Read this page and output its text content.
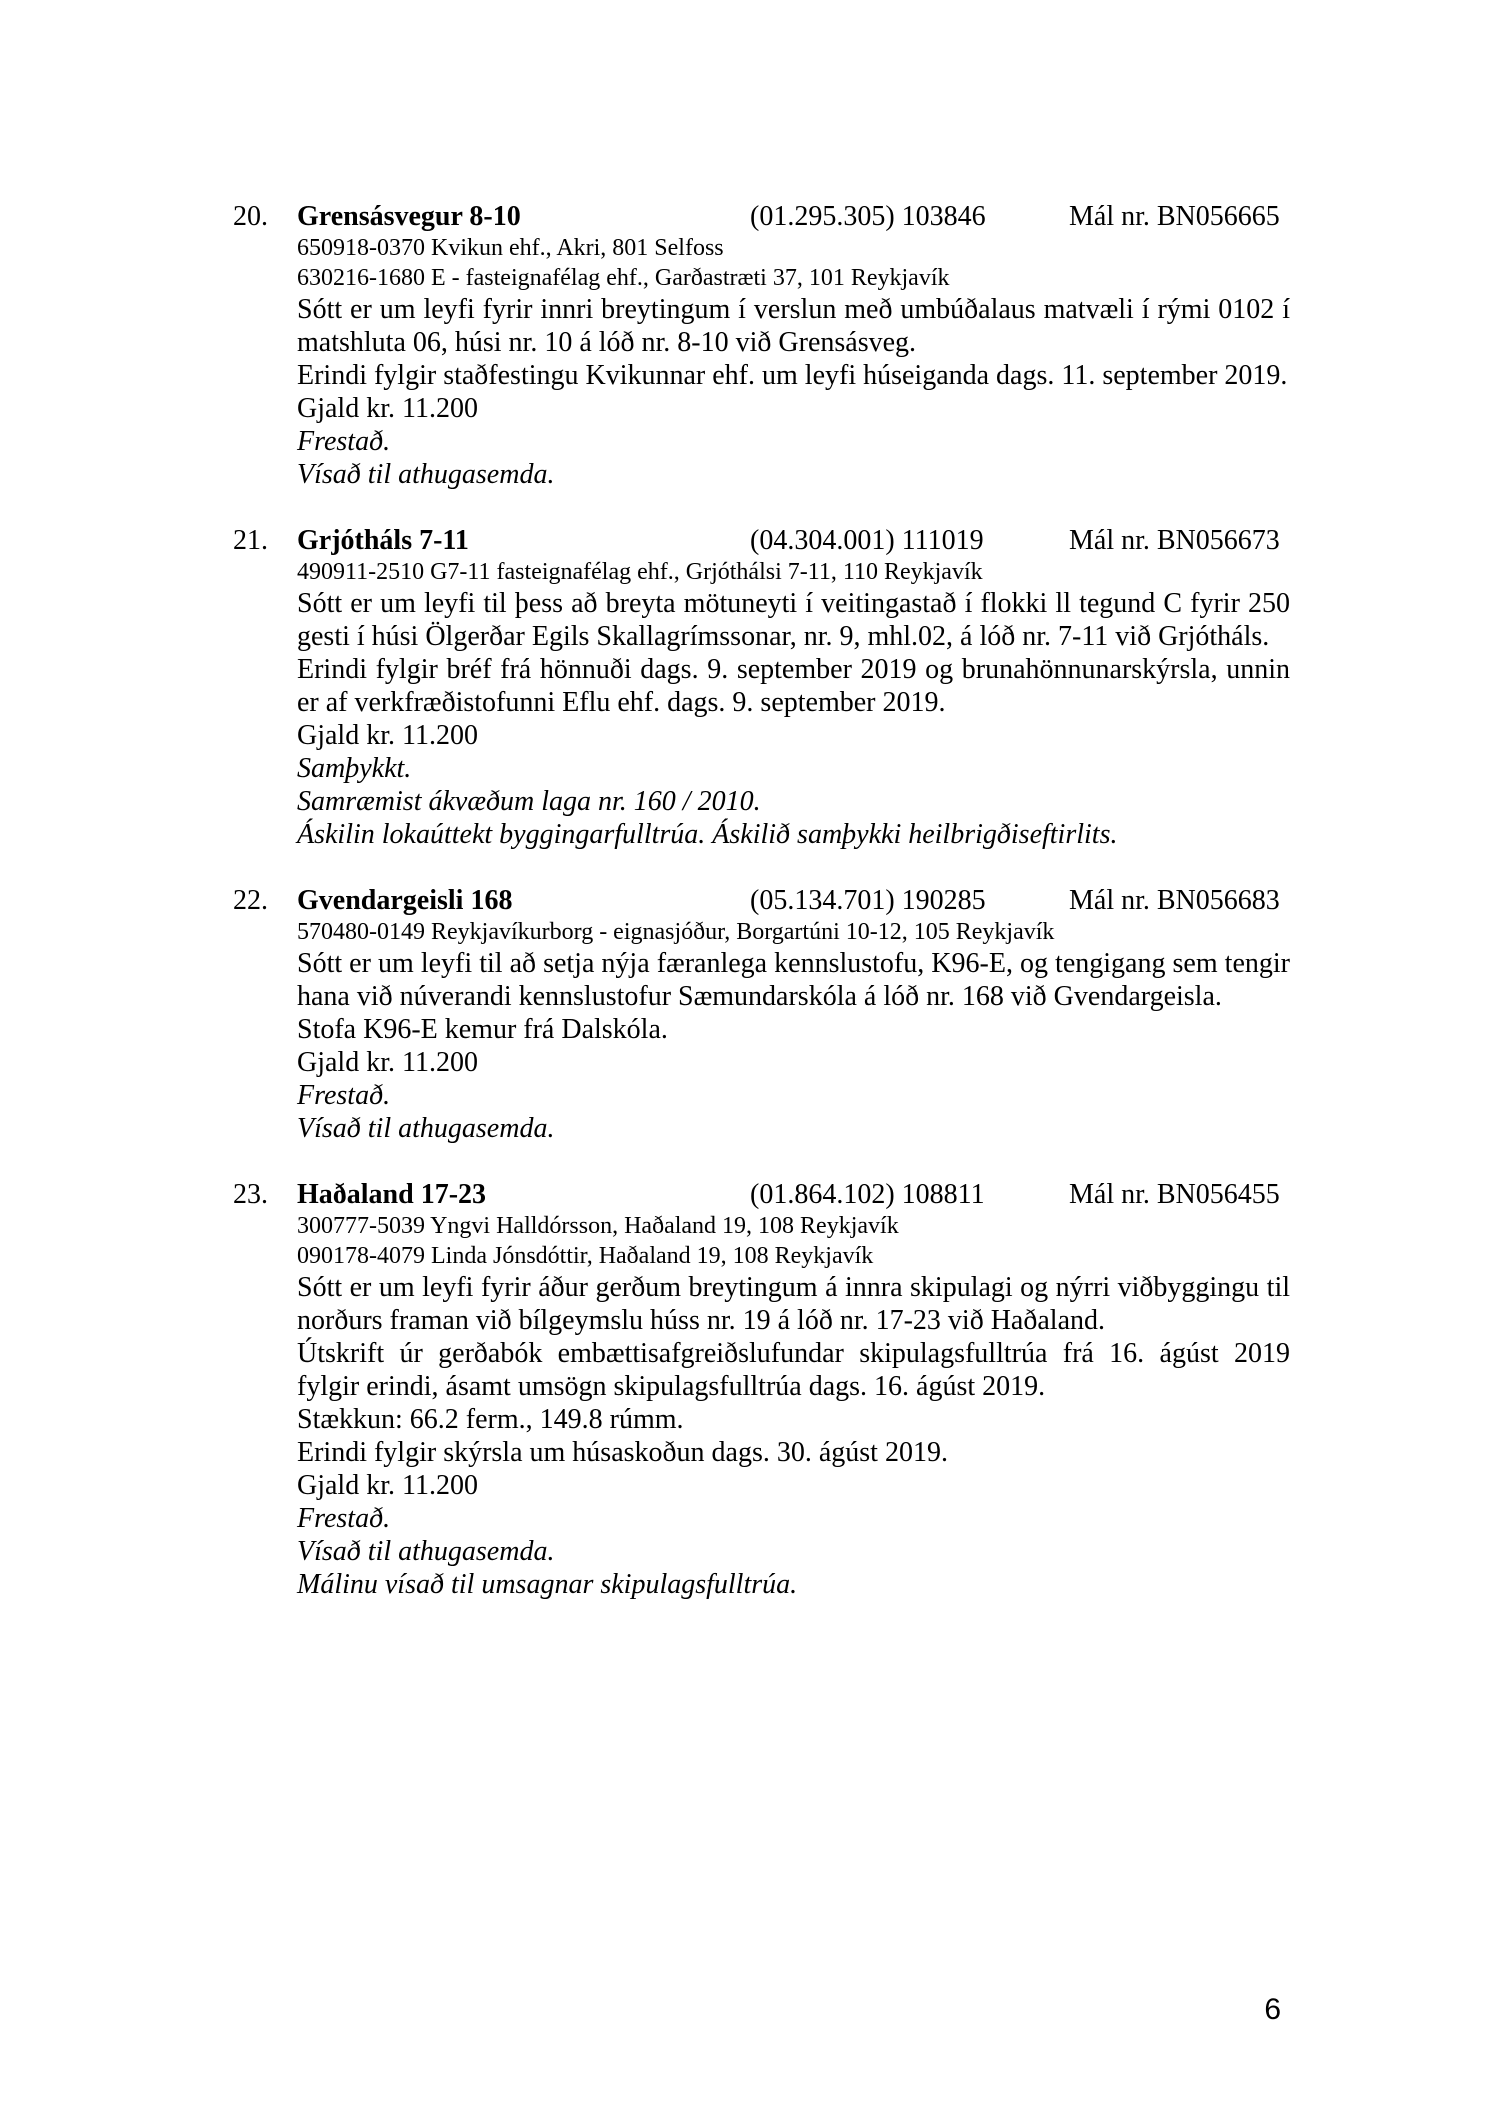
20.	Grensásvegur 8-10	(01.295.305) 103846	Mál nr. BN056665
650918-0370 Kvikun ehf., Akri, 801 Selfoss
630216-1680 E - fasteignafélag ehf., Garðastræti 37, 101 Reykjavík

Sótt er um leyfi fyrir innri breytingum í verslun með umbúðalaus matvæli í rými 0102 í matshluta 06, húsi nr. 10 á lóð nr. 8-10 við Grensásveg.

Erindi fylgir staðfestingu Kvikunnar ehf. um leyfi húseiganda dags. 11. september 2019.

Gjald kr. 11.200

Frestað.

Vísað til athugasemda.

21.	Grjótháls 7-11	(04.304.001) 111019	Mál nr. BN056673
490911-2510 G7-11 fasteignafélag ehf., Grjóthálsi 7-11, 110 Reykjavík

Sótt er um leyfi til þess að breyta mötuneyti í veitingastað í flokki ll tegund C fyrir 250 gesti í húsi Ölgerðar Egils Skallagrímssonar, nr. 9, mhl.02, á lóð nr. 7-11 við Grjótháls.

Erindi fylgir bréf frá hönnuði dags. 9. september 2019 og brunahönnunarskýrsla, unnin er af verkfræðistofunni Eflu ehf. dags. 9. september 2019.

Gjald kr. 11.200

Samþykkt.

Samræmist ákvæðum laga nr. 160 / 2010.

Áskilin lokaúttekt byggingarfulltrúa. Áskilið samþykki heilbrigðiseftirlits.

22.	Gvendargeisli 168	(05.134.701) 190285	Mál nr. BN056683
570480-0149 Reykjavíkurborg - eignasjóður, Borgartúni 10-12, 105 Reykjavík

Sótt er um leyfi til að setja nýja færanlega kennslustofu, K96-E, og tengigang sem tengir hana við núverandi kennslustofur Sæmundarskóla á lóð nr. 168 við Gvendargeisla.

Stofa K96-E kemur frá Dalskóla.

Gjald kr. 11.200

Frestað.

Vísað til athugasemda.

23.	Haðaland 17-23	(01.864.102) 108811	Mál nr. BN056455
300777-5039 Yngvi Halldórsson, Haðaland 19, 108 Reykjavík
090178-4079 Linda Jónsdóttir, Haðaland 19, 108 Reykjavík

Sótt er um leyfi fyrir áður gerðum breytingum á innra skipulagi og nýrri viðbyggingu til norðurs framan við bílgeymslu húss nr. 19 á lóð nr. 17-23 við Haðaland.

Útskrift úr gerðabók embættisafgreiðslufundar skipulagsfulltrúa frá 16. ágúst 2019 fylgir erindi, ásamt umsögn skipulagsfulltrúa dags. 16. ágúst 2019.

Stækkun: 66.2 ferm., 149.8 rúmm.

Erindi fylgir skýrsla um húsaskoðun dags. 30. ágúst 2019.

Gjald kr. 11.200

Frestað.

Vísað til athugasemda.

Málinu vísað til umsagnar skipulagsfulltrúa.

6
